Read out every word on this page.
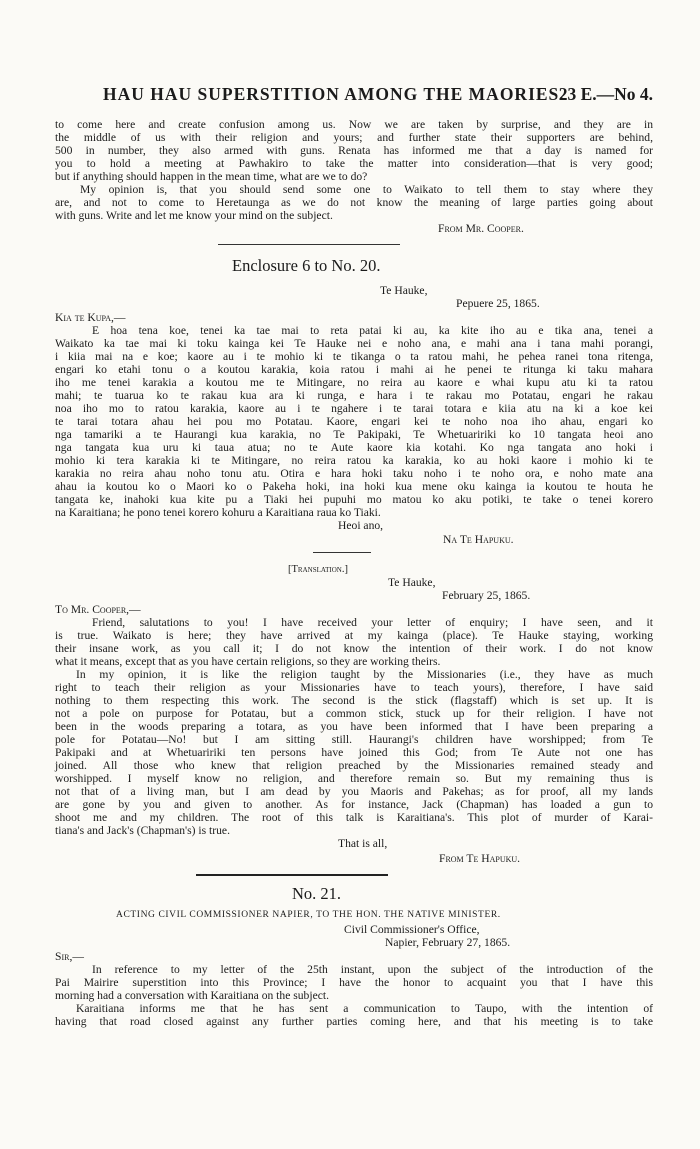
HAU HAU SUPERSTITION AMONG THE MAORIES.
23 E.—No 4.
to come here and create confusion among us. Now we are taken by surprise, and they are in
the middle of us with their religion and yours; and further state their supporters are behind,
500 in number, they also armed with guns. Renata has informed me that a day is named for
you to hold a meeting at Pawhakiro to take the matter into consideration—that is very good;
but if anything should happen in the mean time, what are we to do?
My opinion is, that you should send some one to Waikato to tell them to stay where they
are, and not to come to Heretaunga as we do not know the meaning of large parties going about
with guns. Write and let me know your mind on the subject.
From Mr. Cooper.
Enclosure 6 to No. 20.
Te Hauke,
Pepuere 25, 1865.
Kia te Kupa,—
E hoa tena koe, tenei ka tae mai to reta patai ki au, ka kite iho au e tika ana, tenei a
Waikato ka tae mai ki toku kainga kei Te Hauke nei e noho ana, e mahi ana i tana mahi porangi,
i kiia mai na e koe; kaore au i te mohio ki te tikanga o ta ratou mahi, he pehea ranei tona ritenga,
engari ko etahi tonu o a koutou karakia, koia ratou i mahi ai he penei te ritunga ki taku mahara
iho me tenei karakia a koutou me te Mitingare, no reira au kaore e whai kupu atu ki ta ratou
mahi; te tuarua ko te rakau kua ara ki runga, e hara i te rakau mo Potatau, engari he rakau
noa iho mo to ratou karakia, kaore au i te ngahere i te tarai totara e kiia atu na ki a koe kei
te tarai totara ahau hei pou mo Potatau. Kaore, engari kei te noho noa iho ahau, engari ko
nga tamariki a te Haurangi kua karakia, no Te Pakipaki, Te Whetuaririki ko 10 tangata heoi ano
nga tangata kua uru ki taua atua; no te Aute kaore kia kotahi. Ko nga tangata ano hoki i
mohio ki tera karakia ki te Mitingare, no reira ratou ka karakia, ko au hoki kaore i mohio ki te
karakia no reira ahau noho tonu atu. Otira e hara hoki taku noho i te noho ora, e noho mate ana
ahau ia koutou ko o Maori ko o Pakeha hoki, ina hoki kua mene oku kainga ia koutou te houta he
tangata ke, inahoki kua kite pu a Tiaki hei pupuhi mo matou ko aku potiki, te take o tenei korero
na Karaitiana; he pono tenei korero kohuru a Karaitiana raua ko Tiaki.
Heoi ano,
Na Te Hapuku.
[Translation.]
Te Hauke,
February 25, 1865.
To Mr. Cooper,—
Friend, salutations to you! I have received your letter of enquiry; I have seen, and it
is true. Waikato is here; they have arrived at my kainga (place). Te Hauke staying, working
their insane work, as you call it; I do not know the intention of their work. I do not know
what it means, except that as you have certain religions, so they are working theirs.
In my opinion, it is like the religion taught by the Missionaries (i.e., they have as much
right to teach their religion as your Missionaries have to teach yours), therefore, I have said
nothing to them respecting this work. The second is the stick (flagstaff) which is set up. It is
not a pole on purpose for Potatau, but a common stick, stuck up for their religion. I have not
been in the woods preparing a totara, as you have been informed that I have been preparing a
pole for Potatau—No! but I am sitting still. Haurangi's children have worshipped; from Te
Pakipaki and at Whetuaririki ten persons have joined this God; from Te Aute not one has
joined. All those who knew that religion preached by the Missionaries remained steady and
worshipped. I myself know no religion, and therefore remain so. But my remaining thus is
not that of a living man, but I am dead by you Maoris and Pakehas; as for proof, all my lands
are gone by you and given to another. As for instance, Jack (Chapman) has loaded a gun to
shoot me and my children. The root of this talk is Karaitiana's. This plot of murder of Karai-
tiana's and Jack's (Chapman's) is true.
That is all,
From Te Hapuku.
No. 21.
ACTING CIVIL COMMISSIONER NAPIER, TO THE HON. THE NATIVE MINISTER.
Civil Commissioner's Office,
Napier, February 27, 1865.
Sir,—
In reference to my letter of the 25th instant, upon the subject of the introduction of the
Pai Mairire superstition into this Province; I have the honor to acquaint you that I have this
morning had a conversation with Karaitiana on the subject.
Karaitiana informs me that he has sent a communication to Taupo, with the intention of
having that road closed against any further parties coming here, and that his meeting is to take
